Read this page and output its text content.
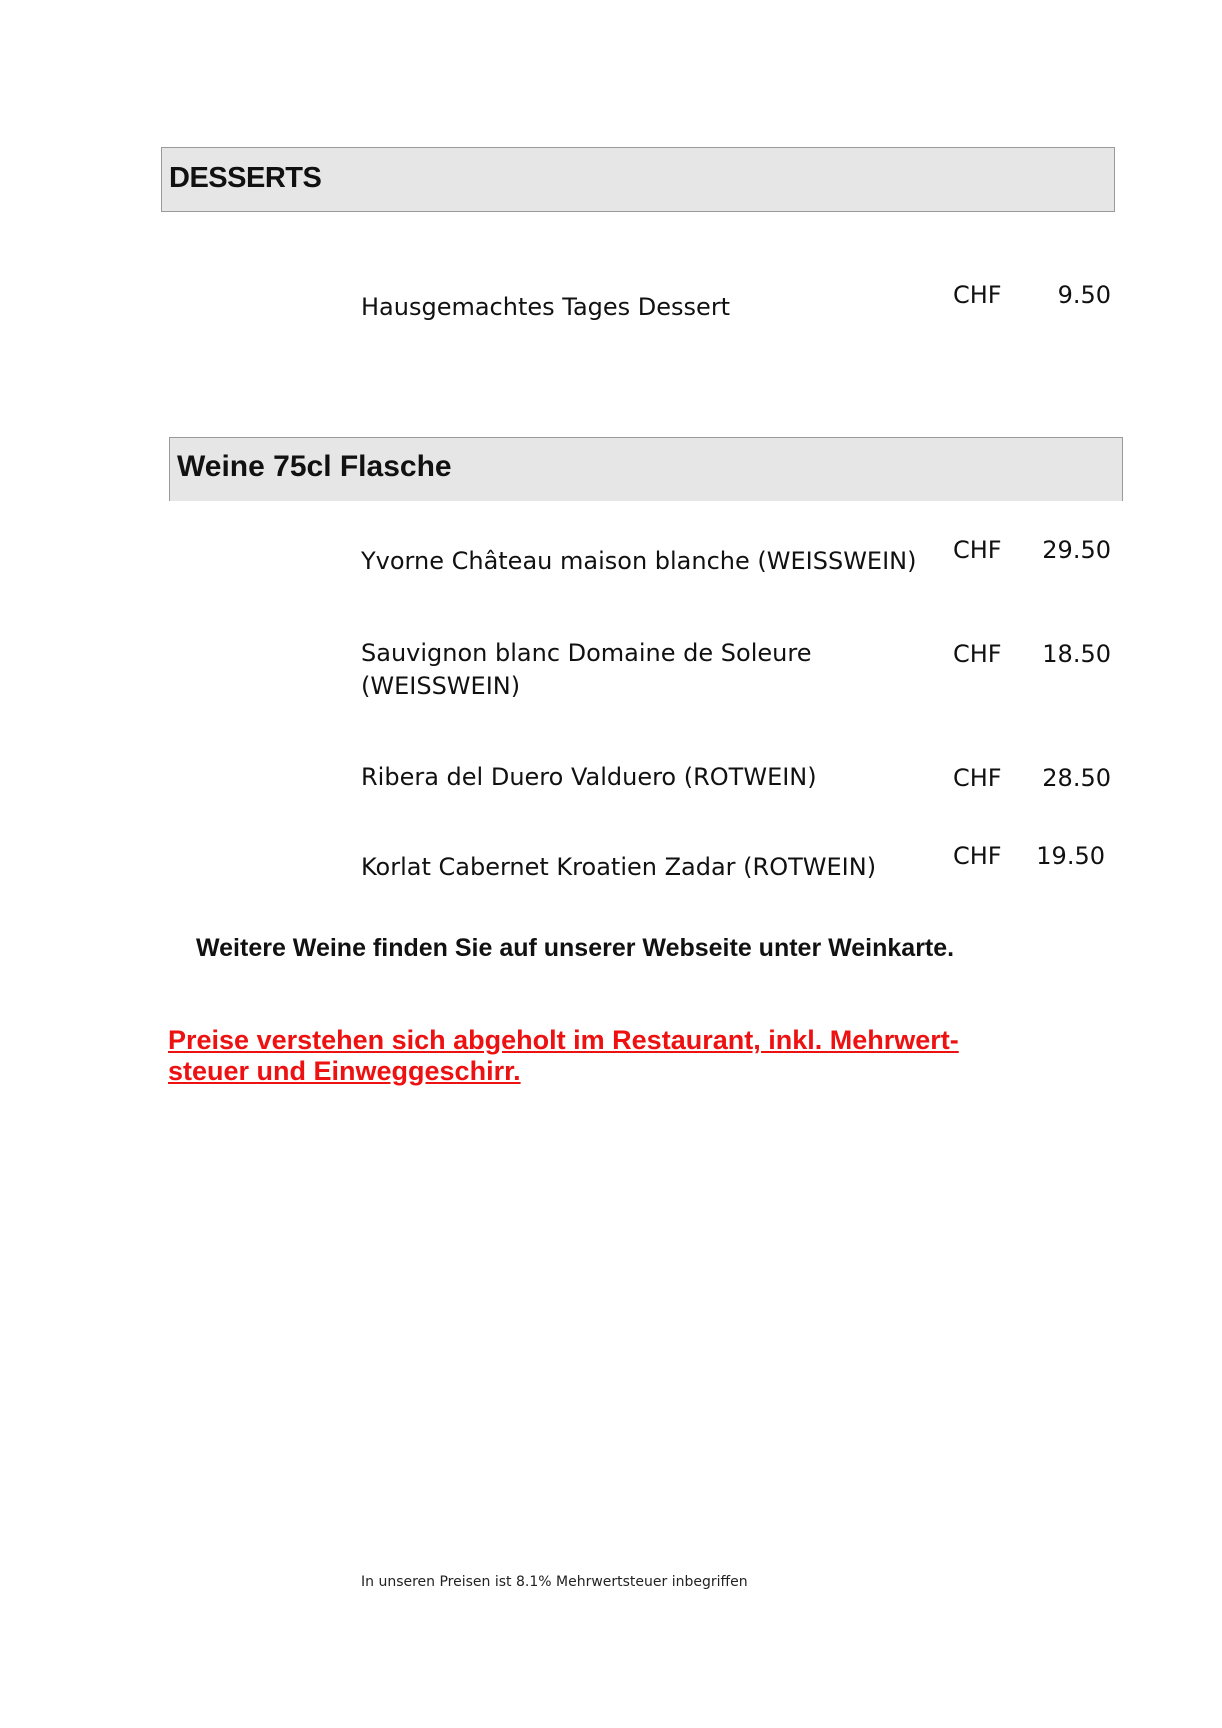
DESSERTS
Hausgemachtes Tages Dessert	CHF 9.50
Weine 75cl Flasche
Yvorne Château maison blanche (WEISSWEIN)	CHF 29.50
Sauvignon blanc Domaine de Soleure (WEISSWEIN)
CHF 18.50
Ribera del Duero Valduero (ROTWEIN)	CHF 28.50
Korlat Cabernet Kroatien Zadar (ROTWEIN)	CHF 19.50
Weitere Weine finden Sie auf unserer Webseite unter Weinkarte.
Preise verstehen sich abgeholt im Restaurant, inkl. Mehrwert-steuer und Einweggeschirr.
In unseren Preisen ist 8.1% Mehrwertsteuer inbegriffen
